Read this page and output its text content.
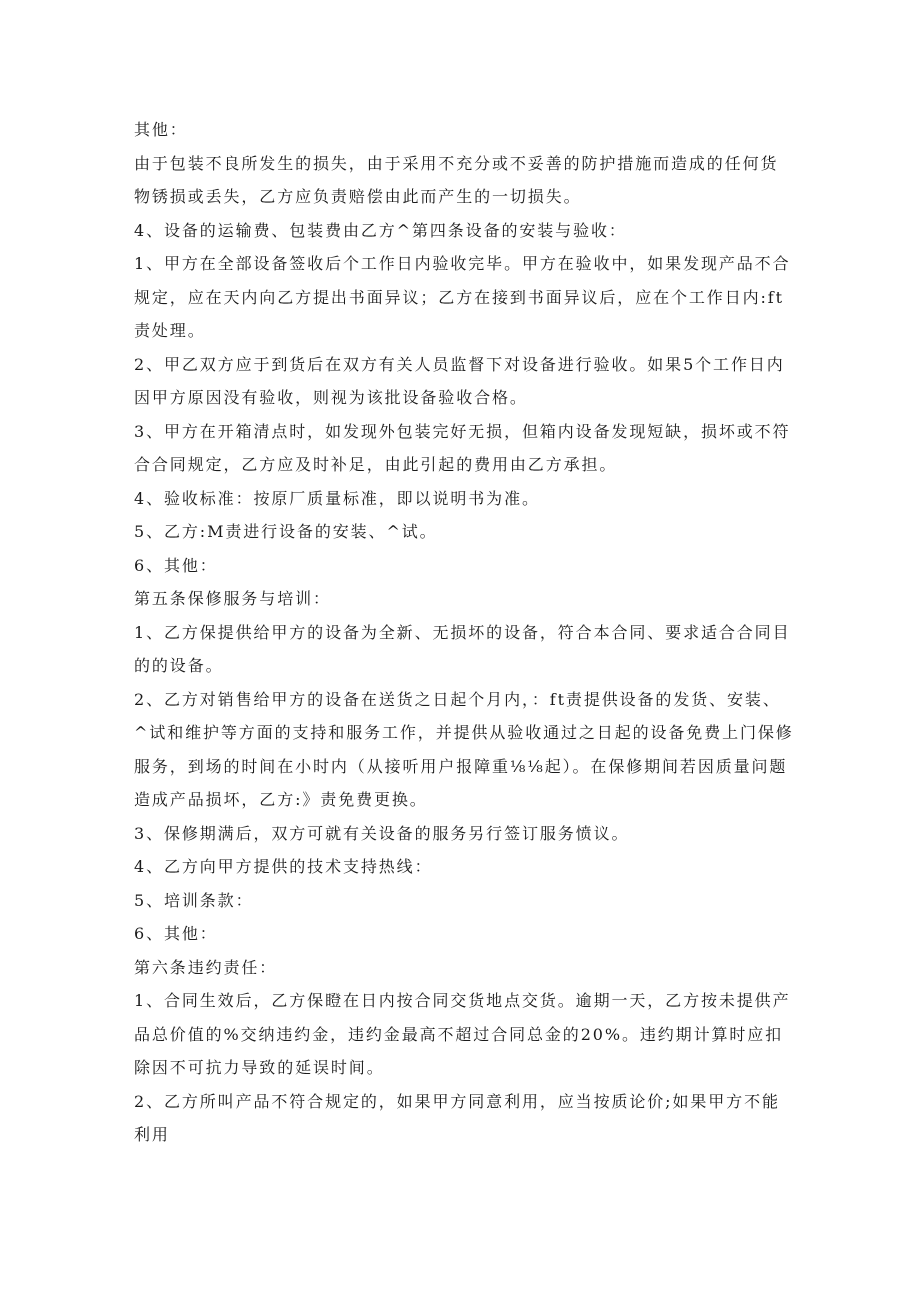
其他：

由于包装不良所发生的损失，由于采用不充分或不妥善的防护措施而造成的任何货物锈损或丢失，乙方应负责赔偿由此而产生的一切损失。

4、设备的运输费、包装费由乙方^第四条设备的安装与验收：

1、甲方在全部设备签收后个工作日内验收完毕。甲方在验收中，如果发现产品不合规定，应在天内向乙方提出书面异议；乙方在接到书面异议后，应在个工作日内:ft责处理。

2、甲乙双方应于到货后在双方有关人员监督下对设备进行验收。如果5个工作日内因甲方原因没有验收，则视为该批设备验收合格。

3、甲方在开箱清点时，如发现外包装完好无损，但箱内设备发现短缺，损坏或不符合合同规定，乙方应及时补足，由此引起的费用由乙方承担。

4、验收标准：按原厂质量标准，即以说明书为准。

5、乙方:M责进行设备的安装、^试。

6、其他：

第五条保修服务与培训：

1、乙方保提供给甲方的设备为全新、无损坏的设备，符合本合同、要求适合合同目的的设备。

2、乙方对销售给甲方的设备在送货之日起个月内，：ft责提供设备的发货、安装、^试和维护等方面的支持和服务工作，并提供从验收通过之日起的设备免费上门保修服务，到场的时间在小时内（从接听用户报障重⅛⅛起）。在保修期间若因质量问题造成产品损坏，乙方:》责免费更换。

3、保修期满后，双方可就有关设备的服务另行签订服务愤议。

4、乙方向甲方提供的技术支持热线：

5、培训条款：

6、其他：

第六条违约责任：

1、合同生效后，乙方保瞪在日内按合同交货地点交货。逾期一天，乙方按未提供产品总价值的%交纳违约金，违约金最高不超过合同总金的20%。违约期计算时应扣除因不可抗力导致的延误时间。

2、乙方所叫产品不符合规定的，如果甲方同意利用，应当按质论价;如果甲方不能利用
